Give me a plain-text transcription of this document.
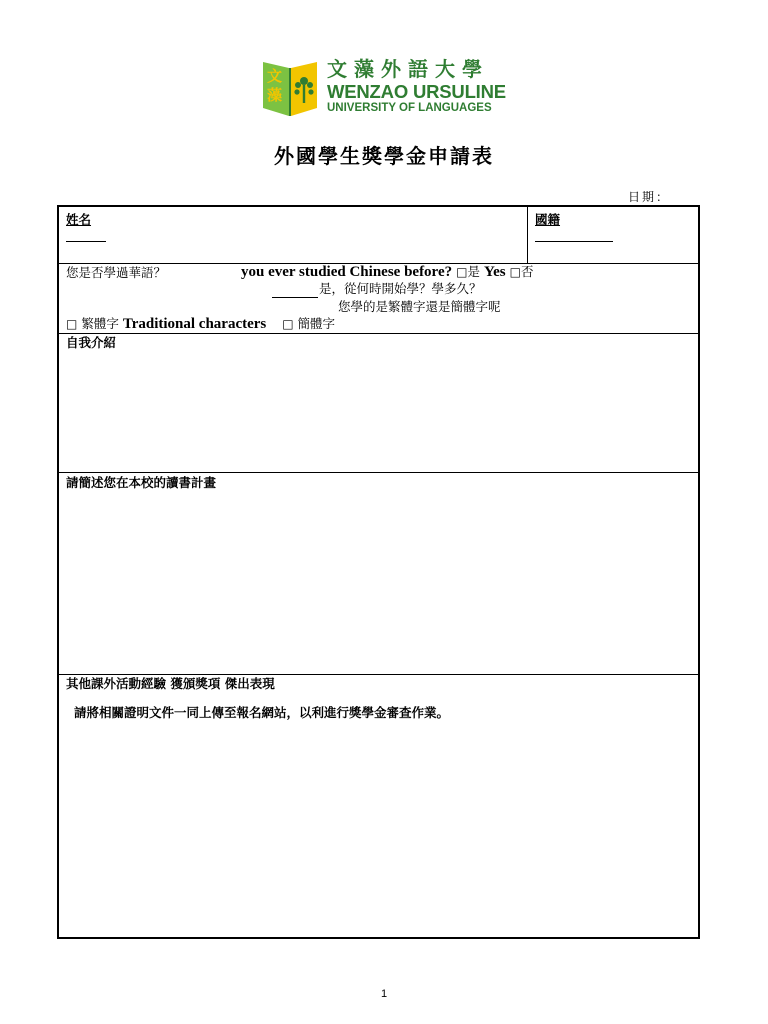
文
藻
文藻外語大學
WENZAO URSULINE
UNIVERSITY OF LANGUAGES
外國學生獎學金申請表
日期：
姓名	國籍
您是否學過華語？	you ever studied Chinese before? □是 Yes □否
是，從何時開始學？學多久？
您學的是繁體字還是簡體字呢
□ 繁體字 Traditional characters □ 簡體字
自我介紹
請簡述您在本校的讀書計畫
其他課外活動經驗 獲頒獎項 傑出表現
請將相關證明文件一同上傳至報名網站，以利進行獎學金審查作業。
1
